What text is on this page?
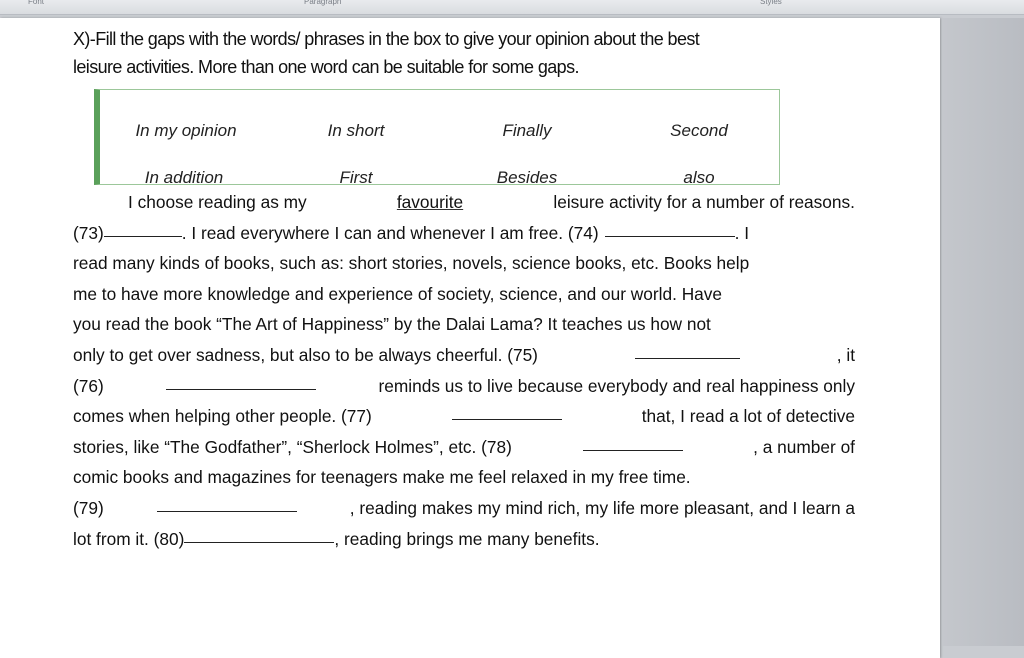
Font	Paragraph	Styles
X)-Fill the gaps with the words/ phrases in the box to give your opinion about the best
leisure activities. More than one word can be suitable for some gaps.
In my opinion	In short	Finally	Second
In addition	First	Besides	also
I choose reading as my	favourite	leisure activity for a number of reasons.
(73)	. I read everywhere I can and whenever I am free. (74)	. I
read many kinds of books, such as: short stories, novels, science books, etc. Books help
me to have more knowledge and experience of society, science, and our world. Have
you read the book “The Art of Happiness” by the Dalai Lama? It teaches us how not
only to get over sadness, but also to be always cheerful. (75)	, it
(76)	reminds us to live because everybody and real happiness only
comes when helping other people. (77)	that, I read a lot of detective
stories, like “The Godfather”, “Sherlock Holmes”, etc. (78)	, a number of
comic books and magazines for teenagers make me feel relaxed in my free time.
(79)	, reading makes my mind rich, my life more pleasant, and I learn a
lot from it. (80)	, reading brings me many benefits.
